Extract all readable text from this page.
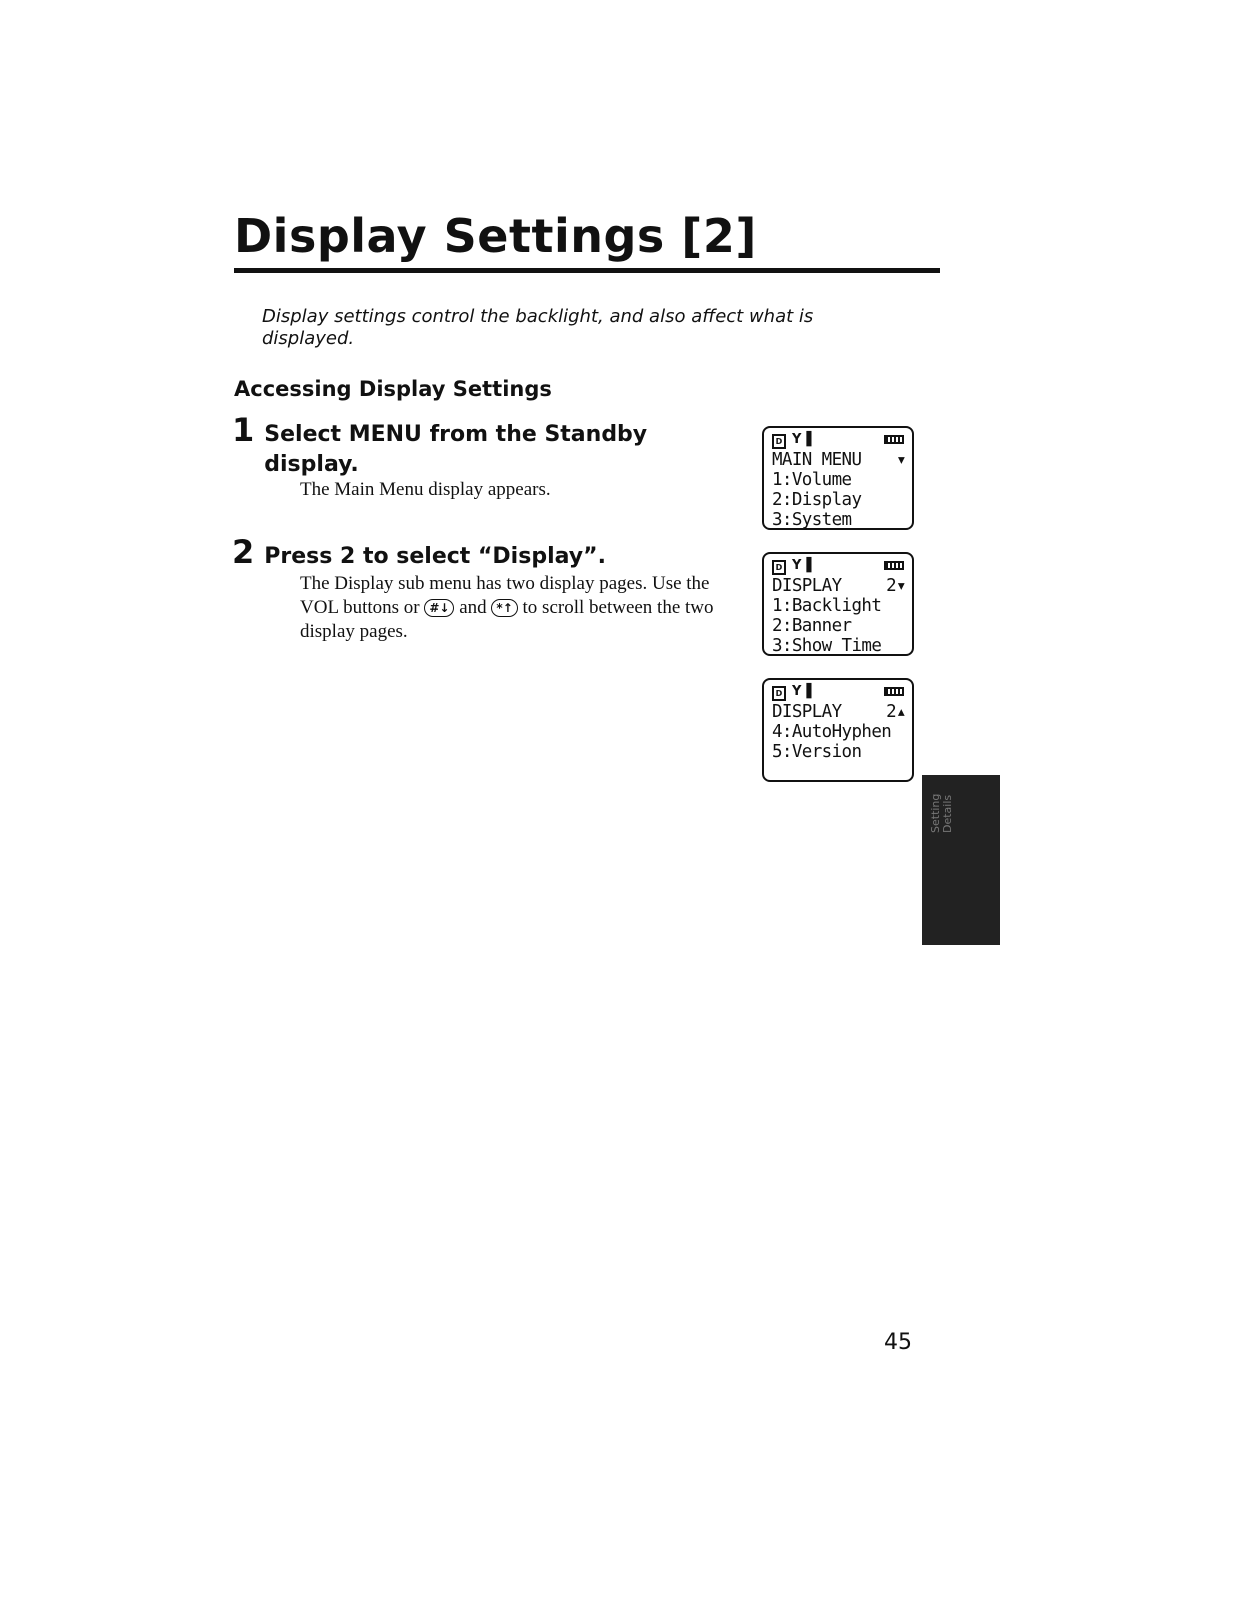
Display Settings [2]
Display settings control the backlight, and also affect what is displayed.
Accessing Display Settings
1 Select MENU from the Standby display.
The Main Menu display appears.
2 Press 2 to select “Display”.
The Display sub menu has two display pages. Use the VOL buttons or #↓ and *↑ to scroll between the two display pages.
D Y▐
MAIN MENU ▾
1:Volume
2:Display
3:System
D Y▐
DISPLAY	2▾
1:Backlight
2:Banner
3:Show Time
D Y▐
DISPLAY	2▴
4:AutoHyphen
5:Version
Setting Details
45
